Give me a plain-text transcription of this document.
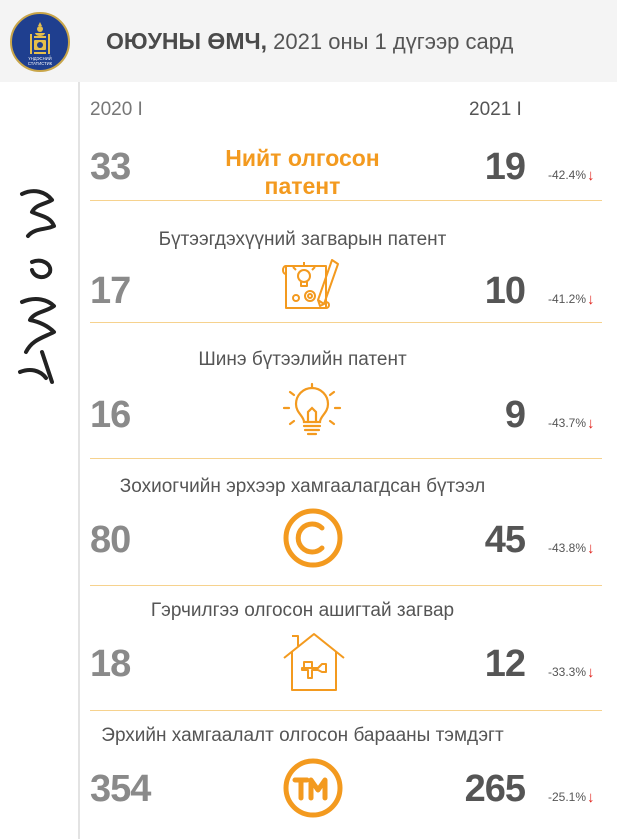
ҮНДЭСНИЙ
СТАТИСТИК
ОЮУНЫ ӨМЧ, 2021 оны 1 дүгээр сард
2020 I	2021 I
Нийт олгосон
патент
33	19 -42.4%↓
Бүтээгдэхүүний загварын патент
17	10 -41.2%↓
Шинэ бүтээлийн патент
16	9 -43.7%↓
Зохиогчийн эрхээр хамгаалагдсан бүтээл
80	45 -43.8%↓
Гэрчилгээ олгосон ашигтай загвар
18	12 -33.3%↓
Эрхийн хамгаалалт олгосон барааны тэмдэгт
354	265 -25.1%↓
